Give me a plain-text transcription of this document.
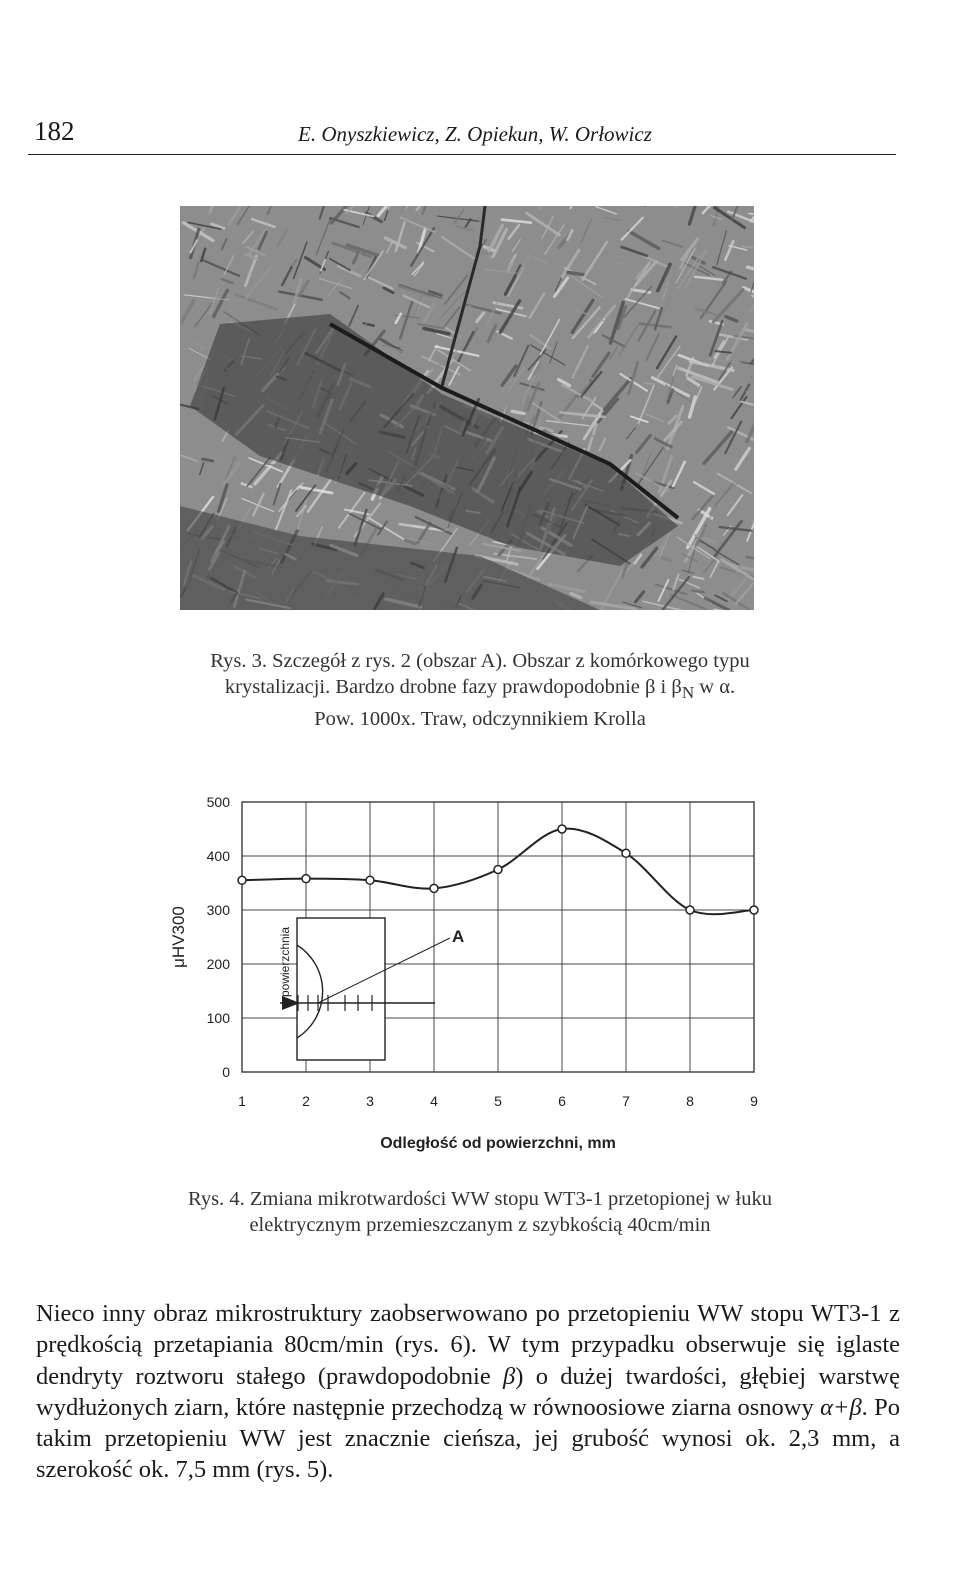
182	E. Onyszkiewicz, Z. Opiekun, W. Orłowicz
Rys. 3. Szczegół z rys. 2 (obszar A). Obszar z komórkowego typu
krystalizacji. Bardzo drobne fazy prawdopodobnie β i $\beta_N$ w α.
Pow. 1000x. Traw, odczynnikiem Krolla
1	2	3	4	5	6	7	8	9
0
100
200
300
400
500
Odległość od powierzchni, mm
μHV300	powierzchnia	A
Rys. 4. Zmiana mikrotwardości WW stopu WT3-1 przetopionej w łuku
elektrycznym przemieszczanym z szybkością 40cm/min
Nieco inny obraz mikrostruktury zaobserwowano po przetopieniu WW stopu WT3-1 z prędkością przetapiania 80cm/min (rys. 6). W tym przypadku obserwuje się iglaste dendryty roztworu stałego (prawdopodobnie β) o dużej twardości, głębiej warstwę wydłużonych ziarn, które następnie przechodzą w równoosiowe ziarna osnowy α+β. Po takim przetopieniu WW jest znacznie cieńsza, jej grubość wynosi ok. 2,3 mm, a szerokość ok. 7,5 mm (rys. 5).
